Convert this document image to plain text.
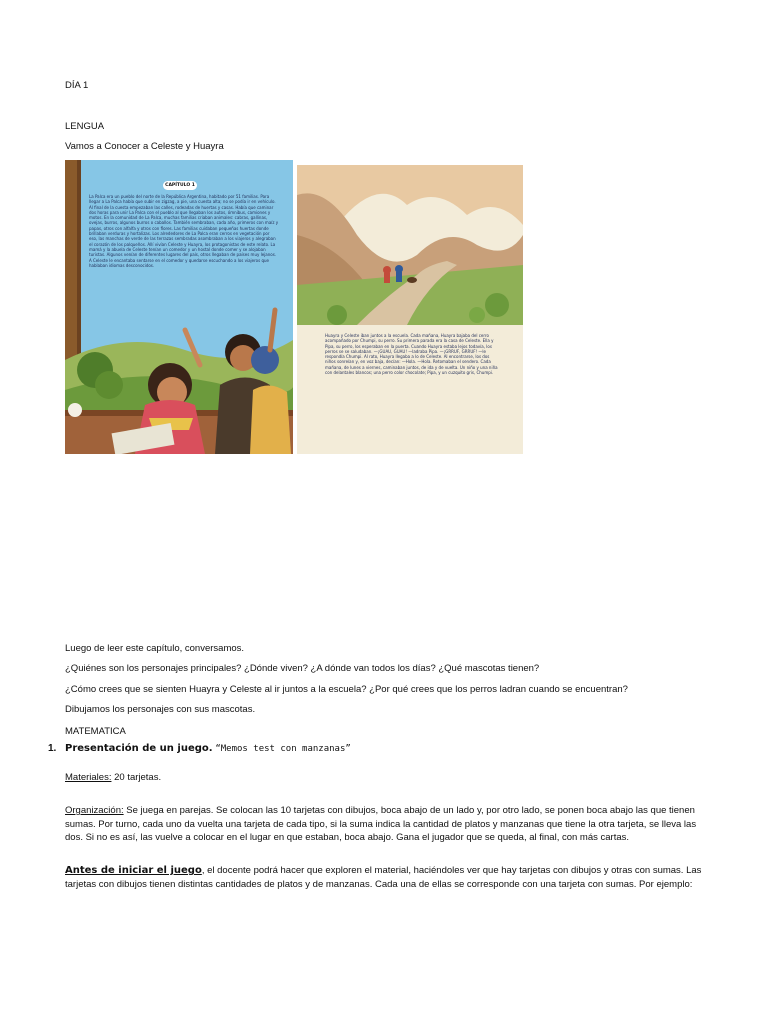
DÍA 1
LENGUA
Vamos a Conocer a Celeste y Huayra
CAPÍTULO 1
La Palca era un pueblo del norte de la República Argentina, habitado por 51 familias. Para llegar a La Palca había que subir en zigzag, a pie, una cuesta alta; no se podía ir en vehículo. Al final de la cuesta empezaban las calles, rodeadas de huertas y casas. Había que caminar dos horas para unir La Palca con el pueblo al que llegaban los autos, ómnibus, camiones y motos. En la comunidad de La Palca, muchas familias criaban animales: cabras, gallinas, ovejas, burros, algunos burros o caballos. También sembraban, cada año, primeros con maíz y papas, otros con alfalfa y otros con flores. Las familias cuidaban pequeñas huertas donde brillaban verduras y hortalizas. Los alrededores de La Palca eran cerros en vegetación por eso, las manchas de verde de las terrazas sembradas asombraban a los viajeros y alegraban el corazón de los palqueños. Allí vivían Celeste y Huayra, los protagonistas de este relato. La mamá y la abuela de Celeste tenían un comedor y un hostal donde comer y se alojaban turistas. Algunos venían de diferentes lugares del país, otros llegaban de países muy lejanos. A Celeste le encantaba sentarse en el comedor y quedarse escuchando a los viajeros que hablaban idiomas desconocidos.
Huayra y Celeste iban juntos a la escuela. Cada mañana, Huayra bajaba del cerro acompañado por Chumpi, su perro. Su primera parada era la casa de Celeste. Ella y Pipa, su perro, los esperaban en la puerta. Cuando Huayra estaba lejos todavía, los perros se se saludaban. —¡GUAU, GUAU! —ladraba Pipa. —¡GRRUF, GRRUF! —le respondía Chumpi. Al rato, Huayra llegaba a lo de Celeste. Al encontrarse, los dos niños sonreían y, en voz baja, decían: —Hola. —Hola. Retomaban el sendero. Cada mañana, de lunes a viernes, caminaban juntos, de ida y de vuelta. Un niño y una niña con delantales blancos; una perro color chocolate; Pipa, y un cuzquito gris, Chumpi.
Luego de leer este capítulo, conversamos.
¿Quiénes son los personajes principales? ¿Dónde viven? ¿A dónde van todos los días? ¿Qué mascotas tienen?
¿Cómo crees que se sienten Huayra y Celeste al ir juntos a la escuela? ¿Por qué crees que los perros ladran cuando se encuentran?
Dibujamos los personajes con sus mascotas.
MATEMATICA
1. Presentación de un juego. “Memos test con manzanas”
Materiales: 20 tarjetas.
Organización: Se juega en parejas. Se colocan las 10 tarjetas con dibujos, boca abajo de un lado y, por otro lado, se ponen boca abajo las que tienen sumas. Por turno, cada uno da vuelta una tarjeta de cada tipo, si la suma indica la cantidad de platos y manzanas que tiene la otra tarjeta, se lleva las dos. Si no es así, las vuelve a colocar en el lugar en que estaban, boca abajo. Gana el jugador que se queda, al final, con más cartas.
Antes de iniciar el juego, el docente podrá hacer que exploren el material, haciéndoles ver que hay tarjetas con dibujos y otras con sumas. Las tarjetas con dibujos tienen distintas cantidades de platos y de manzanas. Cada una de ellas se corresponde con una tarjeta con sumas. Por ejemplo:
